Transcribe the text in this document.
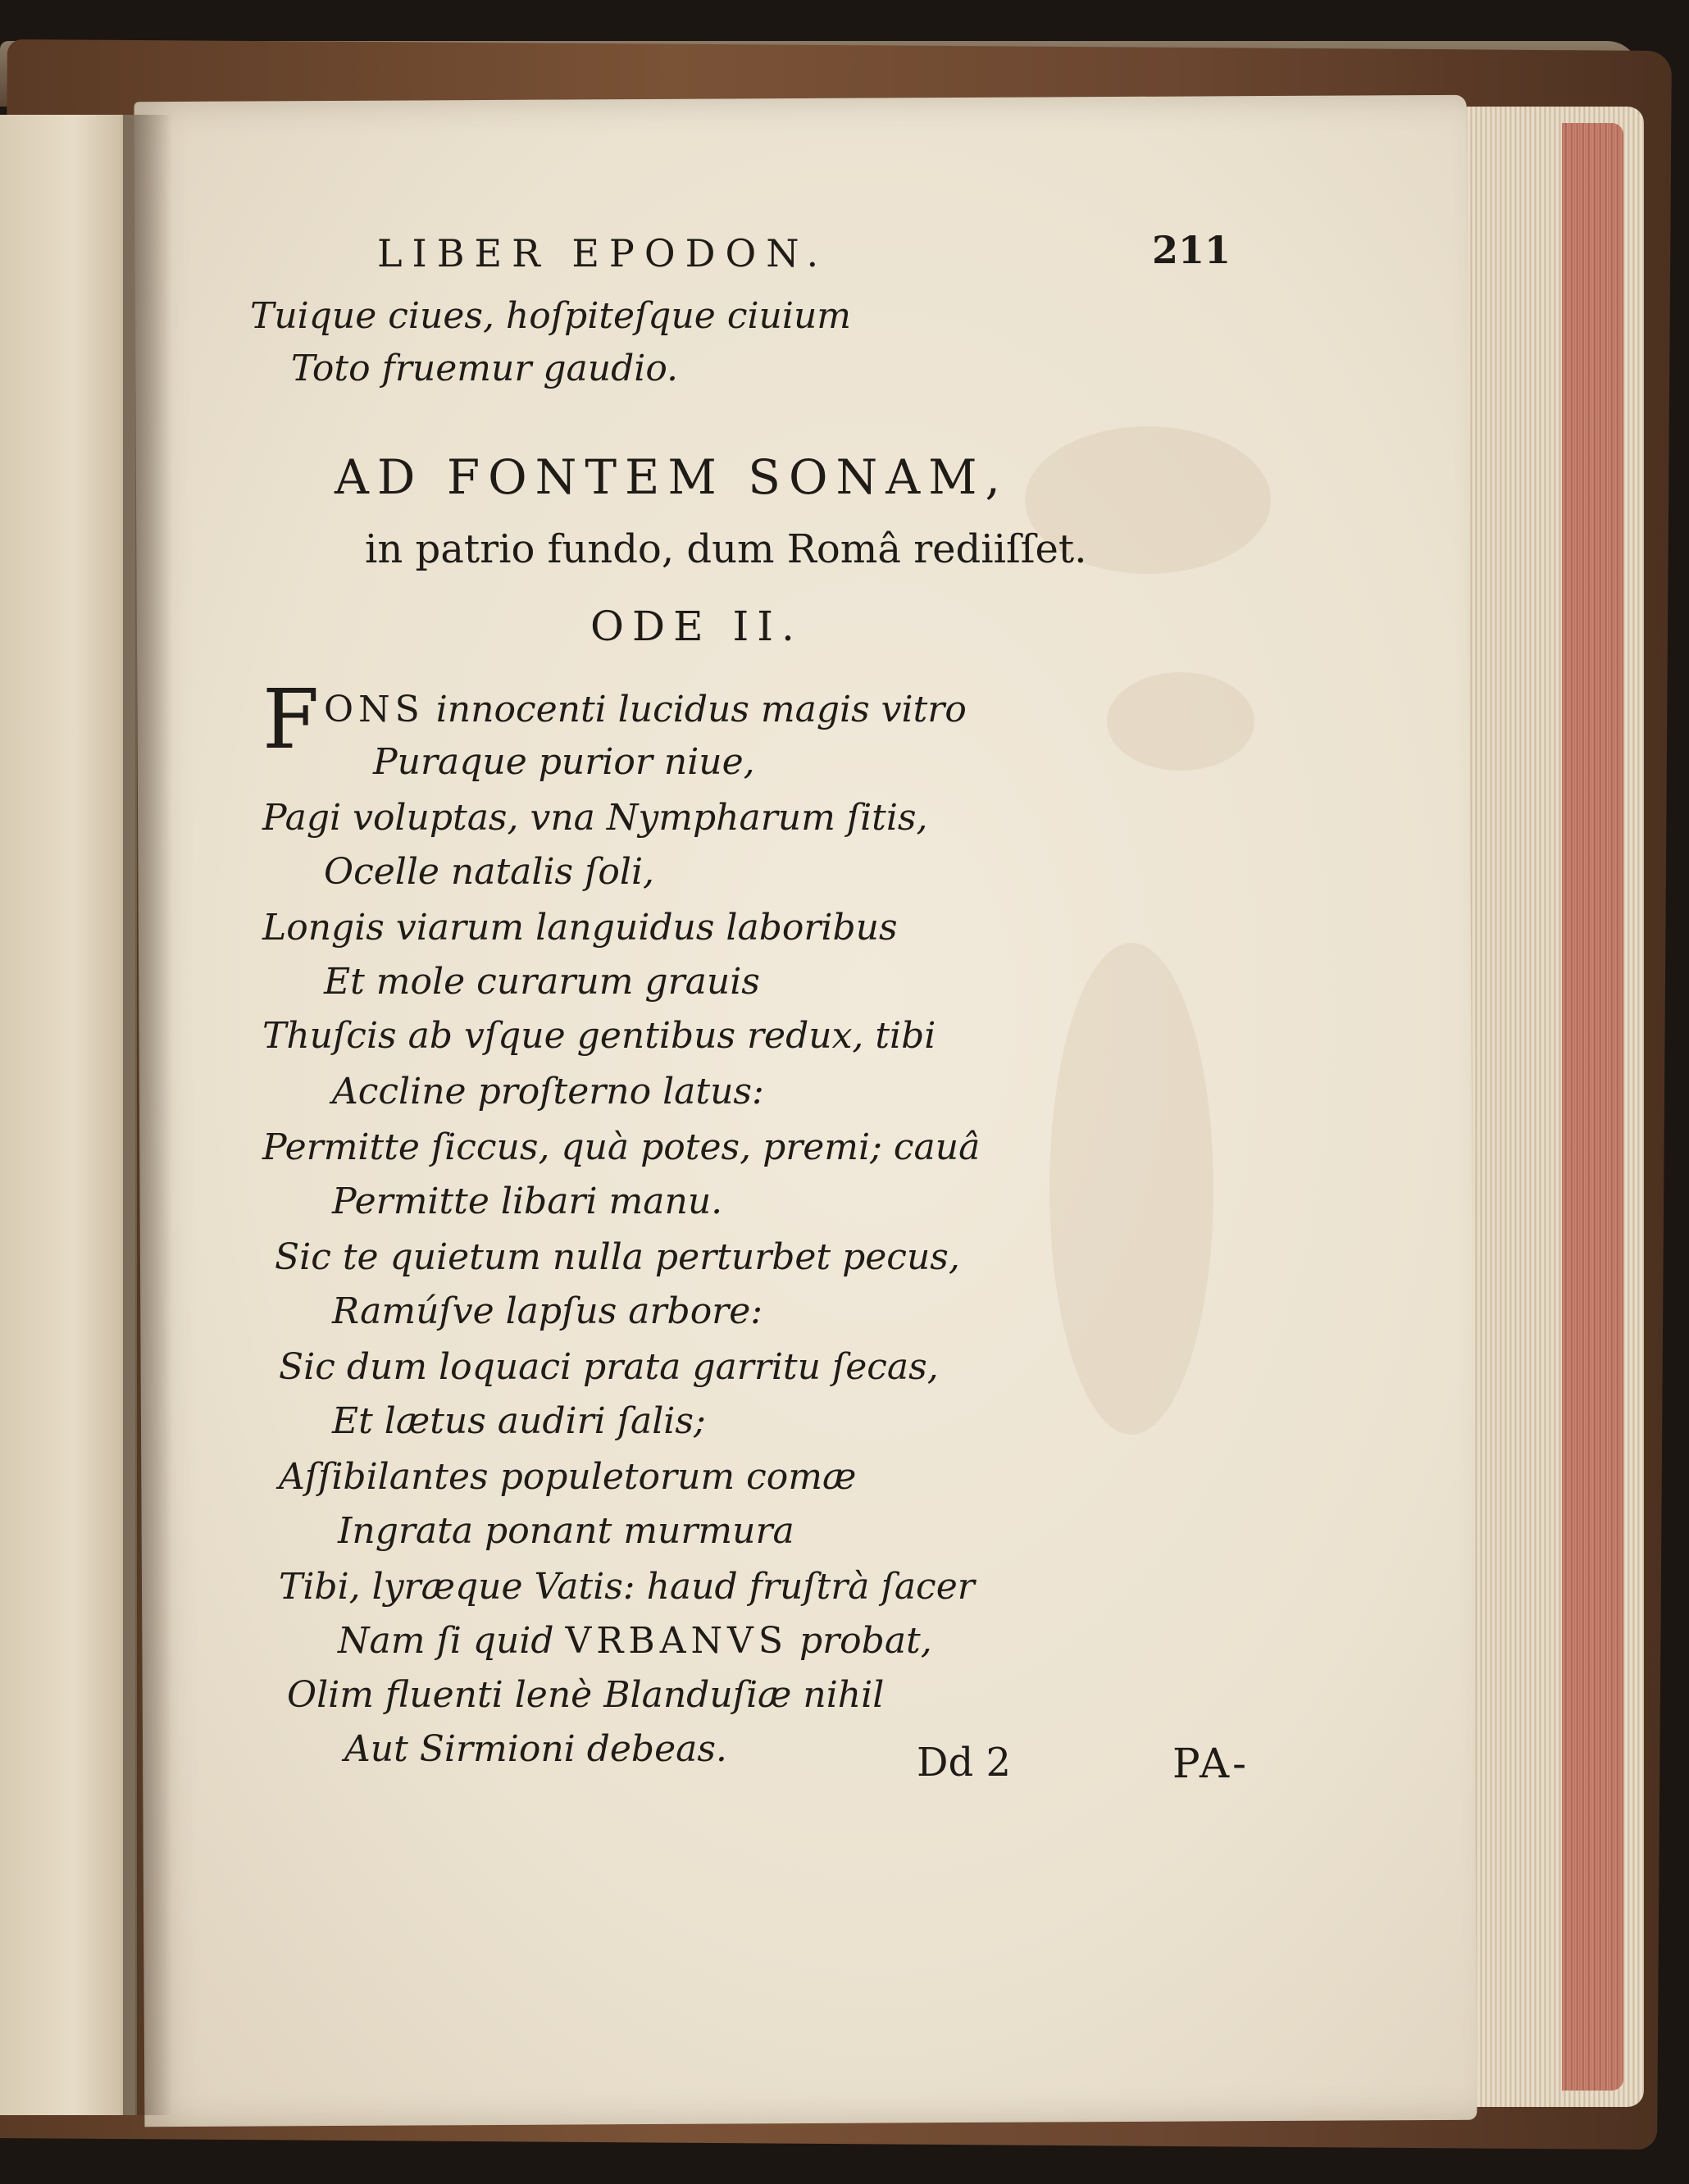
LIBER EPODON.	211
Tuique ciues, hoſpiteſque ciuium
Toto fruemur gaudio.
AD FONTEM SONAM,
in patrio fundo, dum Româ rediiſſet.
ODE II.
F ONS innocenti lucidus magis vitro
Puraque purior niue,
Pagi voluptas, vna Nympharum ſitis,
Ocelle natalis ſoli,
Longis viarum languidus laboribus
Et mole curarum grauis
Thuſcis ab vſque gentibus redux, tibi
Accline proſterno latus:
Permitte ſiccus, quà potes, premi; cauâ
Permitte libari manu.
Sic te quietum nulla perturbet pecus,
Ramúſve lapſus arbore:
Sic dum loquaci prata garritu ſecas,
Et lætus audiri ſalis;
Aſſibilantes populetorum comæ
Ingrata ponant murmura
Tibi, lyræque Vatis: haud fruſtrà ſacer
Nam ſi quid VRBANVS probat,
Olim fluenti lenè Blanduſiæ nihil
Aut Sirmioni debeas.	Dd 2	PA-
